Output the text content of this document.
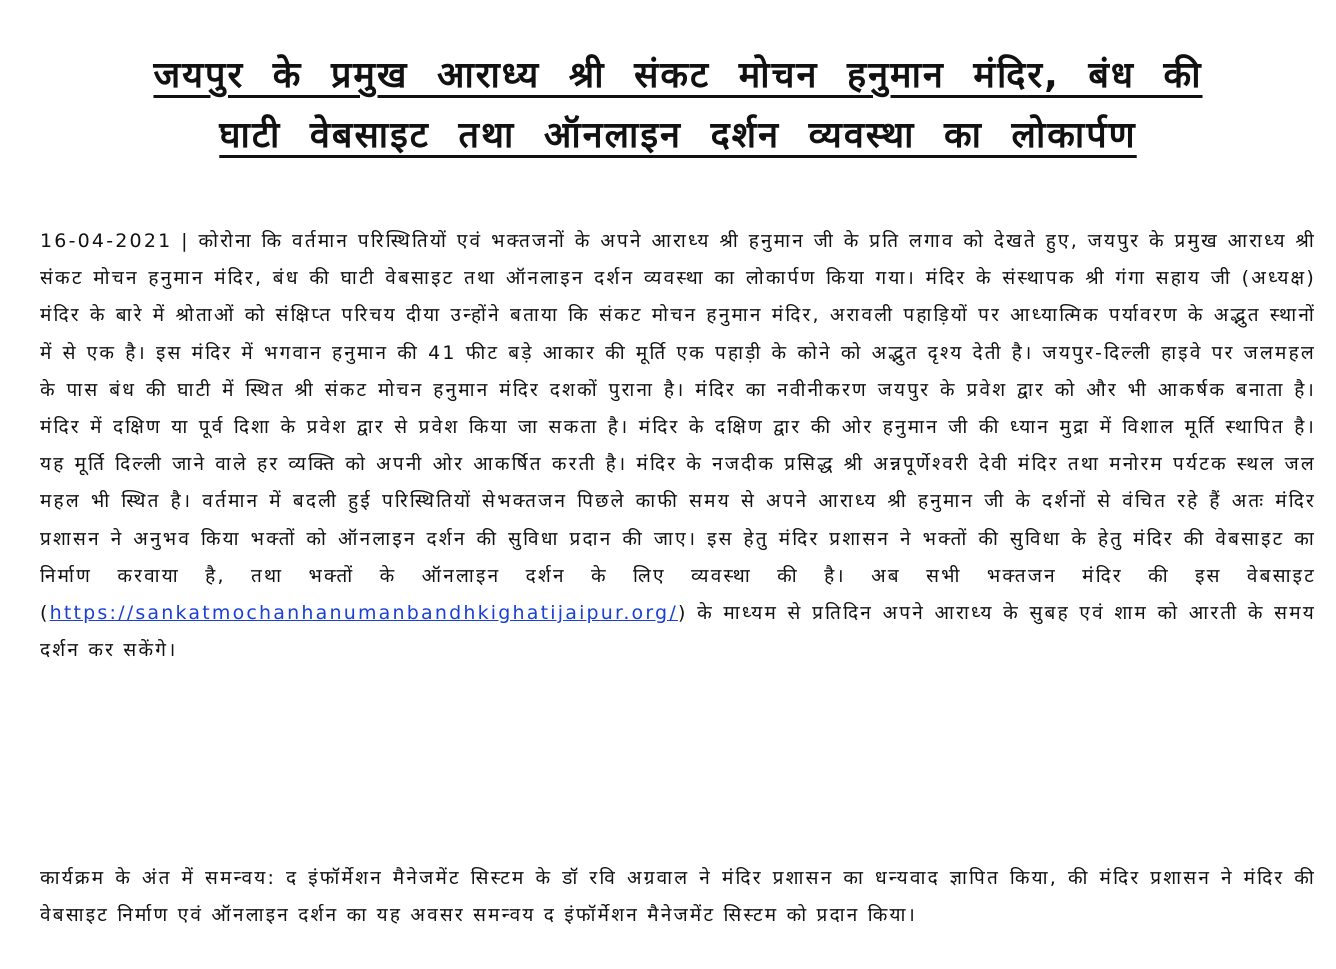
जयपुर के प्रमुख आराध्य श्री संकट मोचन हनुमान मंदिर, बंध की
घाटी वेबसाइट तथा ऑनलाइन दर्शन व्यवस्था का लोकार्पण

16-04-2021 | कोरोना कि वर्तमान परिस्थितियों एवं भक्तजनों के अपने आराध्य श्री हनुमान जी के प्रति लगाव को देखते हुए, जयपुर के प्रमुख आराध्य श्री संकट मोचन हनुमान मंदिर, बंध की घाटी वेबसाइट तथा ऑनलाइन दर्शन व्यवस्था का लोकार्पण किया गया। मंदिर के संस्थापक श्री गंगा सहाय जी (अध्यक्ष) मंदिर के बारे में श्रोताओं को संक्षिप्त परिचय दीया उन्होंने बताया कि संकट मोचन हनुमान मंदिर, अरावली पहाड़ियों पर आध्यात्मिक पर्यावरण के अद्भुत स्थानों में से एक है। इस मंदिर में भगवान हनुमान की 41 फीट बड़े आकार की मूर्ति एक पहाड़ी के कोने को अद्भुत दृश्य देती है। जयपुर-दिल्ली हाइवे पर जलमहल के पास बंध की घाटी में स्थित श्री संकट मोचन हनुमान मंदिर दशकों पुराना है। मंदिर का नवीनीकरण जयपुर के प्रवेश द्वार को और भी आकर्षक बनाता है। मंदिर में दक्षिण या पूर्व दिशा के प्रवेश द्वार से प्रवेश किया जा सकता है। मंदिर के दक्षिण द्वार की ओर हनुमान जी की ध्यान मुद्रा में विशाल मूर्ति स्थापित है। यह मूर्ति दिल्ली जाने वाले हर व्यक्ति को अपनी ओर आकर्षित करती है। मंदिर के नजदीक प्रसिद्ध श्री अन्नपूर्णेश्वरी देवी मंदिर तथा मनोरम पर्यटक स्थल जल महल भी स्थित है। वर्तमान में बदली हुई परिस्थितियों सेभक्तजन पिछले काफी समय से अपने आराध्य श्री हनुमान जी के दर्शनों से वंचित रहे हैं अतः मंदिर प्रशासन ने अनुभव किया भक्तों को ऑनलाइन दर्शन की सुविधा प्रदान की जाए। इस हेतु मंदिर प्रशासन ने भक्तों की सुविधा के हेतु मंदिर की वेबसाइट का निर्माण करवाया है, तथा भक्तों के ऑनलाइन दर्शन के लिए व्यवस्था की है। अब सभी भक्तजन मंदिर की इस वेबसाइट (https://sankatmochanhanumanbandhkighatijaipur.org/) के माध्यम से प्रतिदिन अपने आराध्य के सुबह एवं शाम को आरती के समय दर्शन कर सकेंगे।

कार्यक्रम के अंत में समन्वय: द इंफॉर्मेशन मैनेजमेंट सिस्टम के डॉ रवि अग्रवाल ने मंदिर प्रशासन का धन्यवाद ज्ञापित किया, की मंदिर प्रशासन ने मंदिर की वेबसाइट निर्माण एवं ऑनलाइन दर्शन का यह अवसर समन्वय द इंफॉर्मेशन मैनेजमेंट सिस्टम को प्रदान किया।
